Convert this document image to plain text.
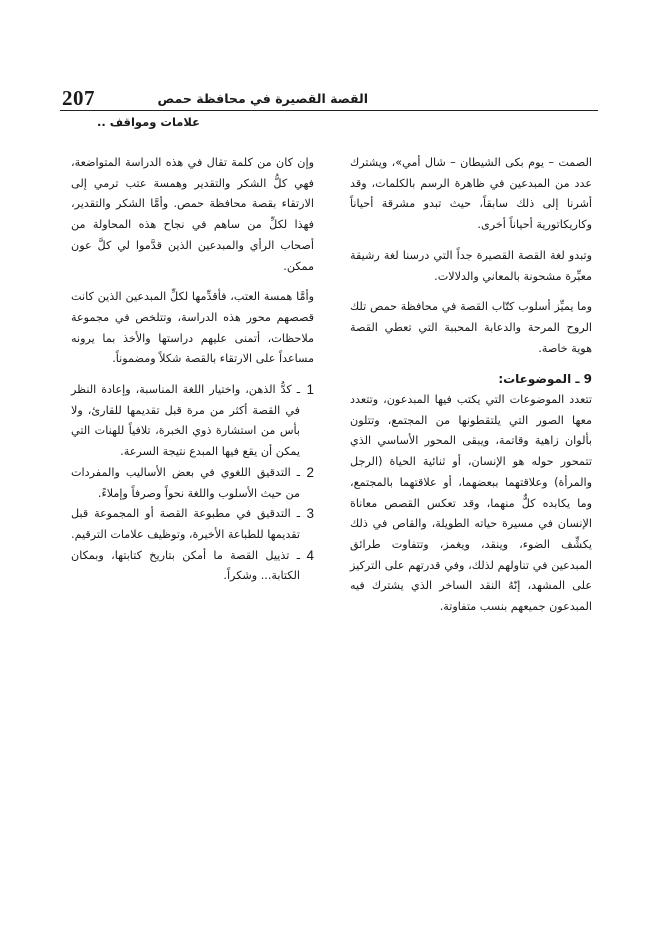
207	القصة القصيرة في محافظة حمص
علامات ومواقف ..

الصمت – يوم بكى الشيطان – شال أمي»، ويشترك عدد من المبدعين في ظاهرة الرسم بالكلمات، وقد أشرنا إلى ذلك سابقاً، حيث تبدو مشرقة أحياناً وكاريكاتورية أحياناً أخرى.

وتبدو لغة القصة القصيرة جداً التي درسنا لغة رشيقة معبِّرة مشحونة بالمعاني والدلالات.

وما يميِّز أسلوب كتّاب القصة في محافظة حمص تلك الروح المرحة والدعابة المحببة التي تعطي القصة هوية خاصة.

9 ـ الموضوعات:

تتعدد الموضوعات التي يكتب فيها المبدعون، وتتعدد معها الصور التي يلتقطونها من المجتمع، وتتلون بألوان زاهية وقاتمة، ويبقى المحور الأساسي الذي تتمحور حوله هو الإنسان، أو ثنائية الحياة (الرجل والمرأة) وعلاقتهما ببعضهما، أو علاقتهما بالمجتمع، وما يكابده كلٌّ منهما، وقد تعكس القصص معاناة الإنسان في مسيرة حياته الطويلة، والقاص في ذلك يكشِّف الضوء، وينقد، ويغمز، وتتفاوت طرائق المبدعين في تناولهم لذلك، وفي قدرتهم على التركيز على المشهد، إنّهُ النقد الساخر الذي يشترك فيه المبدعون جميعهم بنسب متفاوتة.

وإن كان من كلمة تقال في هذه الدراسة المتواضعة، فهي كلُّ الشكر والتقدير وهمسة عتب ترمي إلى الارتقاء بقصة محافظة حمص. وأمَّا الشكر والتقدير، فهذا لكلِّ من ساهم في نجاح هذه المحاولة من أصحاب الرأي والمبدعين الذين قدَّموا لي كلَّ عون ممكن.

وأمَّا همسة العتب، فأقدِّمها لكلِّ المبدعين الذين كانت قصصهم محور هذه الدراسة، وتتلخص في مجموعة ملاحظات، أتمنى عليهم دراستها والأخذ بما يرونه مساعداً على الارتقاء بالقصة شكلاً ومضموناً.

1
ـ كدُّ الذهن، واختيار اللغة المناسبة، وإعادة النظر في القصة أكثر من مرة قبل تقديمها للقارئ، ولا بأس من استشارة ذوي الخبرة، تلافياً للهنات التي يمكن أن يقع فيها المبدع نتيجة السرعة.
2
ـ التدقيق اللغوي في بعض الأساليب والمفردات من حيث الأسلوب واللغة نحواً وصرفاً وإملاءً.
3
ـ التدقيق في مطبوعة القصة أو المجموعة قبل تقديمها للطباعة الأخيرة، وتوظيف علامات الترقيم.
4
ـ تذييل القصة ما أمكن بتاريخ كتابتها، وبمكان الكتابة... وشكراً.
